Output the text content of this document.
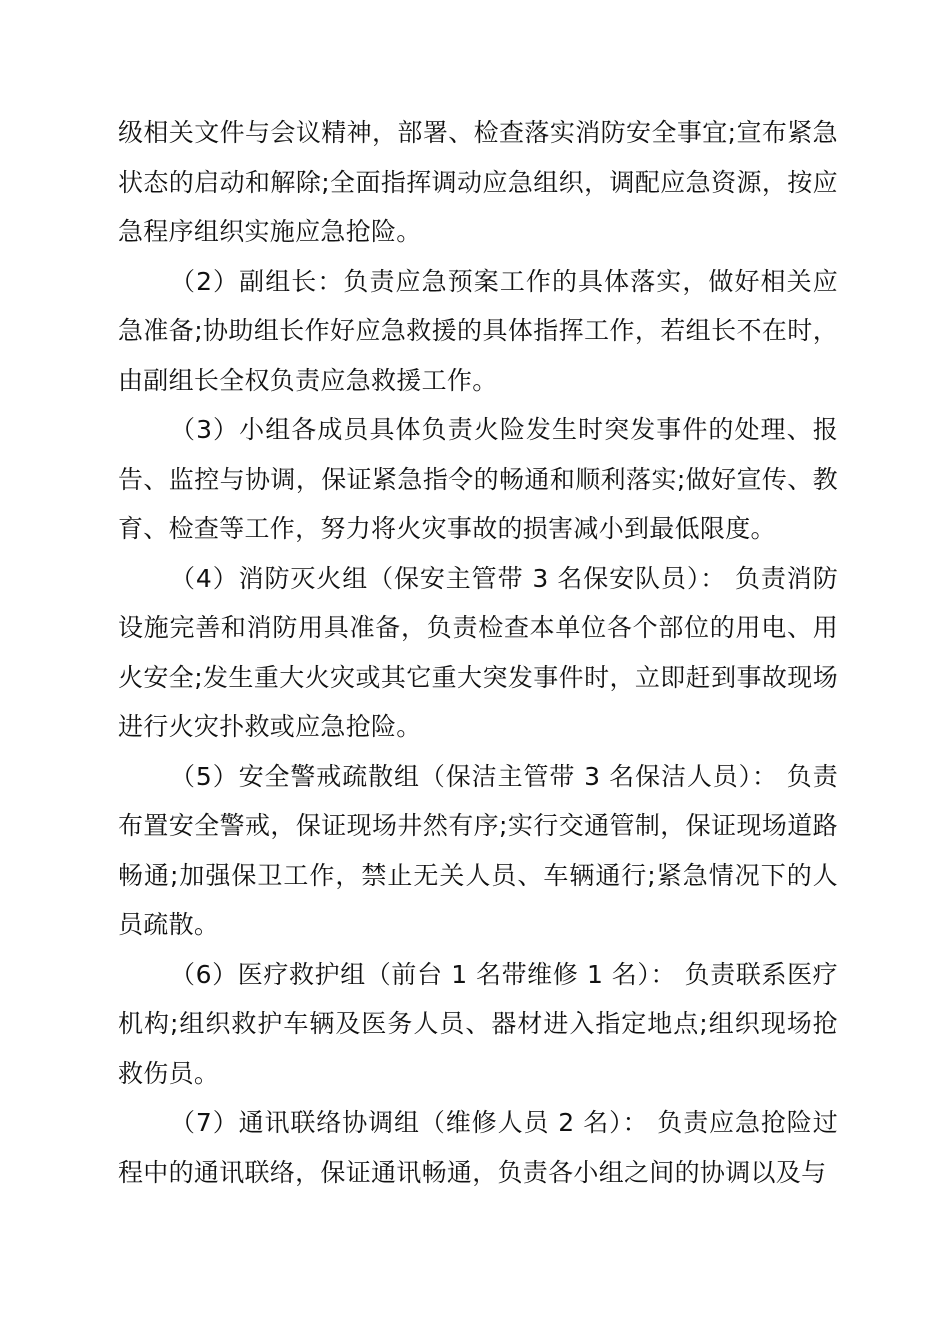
级相关文件与会议精神，部署、检查落实消防安全事宜;宣布紧急状态的启动和解除;全面指挥调动应急组织，调配应急资源，按应急程序组织实施应急抢险。

（2）副组长：负责应急预案工作的具体落实，做好相关应急准备;协助组长作好应急救援的具体指挥工作，若组长不在时，由副组长全权负责应急救援工作。

（3）小组各成员具体负责火险发生时突发事件的处理、报告、监控与协调，保证紧急指令的畅通和顺利落实;做好宣传、教育、检查等工作，努力将火灾事故的损害减小到最低限度。

（4）消防灭火组（保安主管带 3 名保安队员）： 负责消防设施完善和消防用具准备，负责检查本单位各个部位的用电、用火安全;发生重大火灾或其它重大突发事件时，立即赶到事故现场进行火灾扑救或应急抢险。

（5）安全警戒疏散组（保洁主管带 3 名保洁人员）： 负责布置安全警戒，保证现场井然有序;实行交通管制，保证现场道路畅通;加强保卫工作，禁止无关人员、车辆通行;紧急情况下的人员疏散。

（6）医疗救护组（前台 1 名带维修 1 名）： 负责联系医疗机构;组织救护车辆及医务人员、器材进入指定地点;组织现场抢救伤员。

（7）通讯联络协调组（维修人员 2 名）： 负责应急抢险过程中的通讯联络，保证通讯畅通，负责各小组之间的协调以及与
